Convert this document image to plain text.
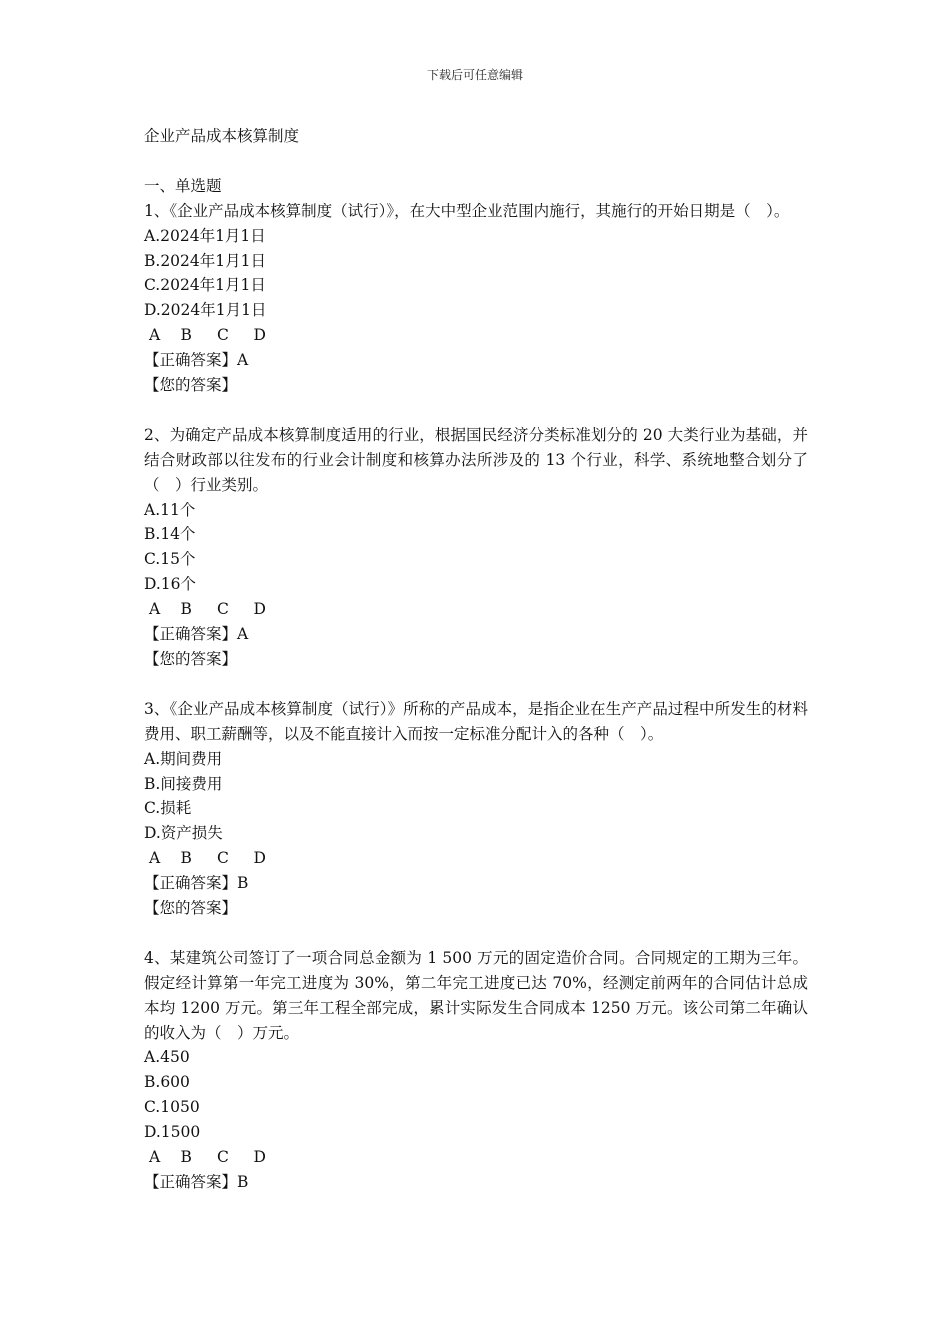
下载后可任意编辑
企业产品成本核算制度
一、单选题
1、《企业产品成本核算制度（试行）》，在大中型企业范围内施行，其施行的开始日期是（　）。
A.2024年1月1日
B.2024年1月1日
C.2024年1月1日
D.2024年1月1日
A B C D
【正确答案】A
【您的答案】
2、为确定产品成本核算制度适用的行业，根据国民经济分类标准划分的 20 大类行业为基础，并结合财政部以往发布的行业会计制度和核算办法所涉及的 13 个行业，科学、系统地整合划分了（　）行业类别。
A.11个
B.14个
C.15个
D.16个
A B C D
【正确答案】A
【您的答案】
3、《企业产品成本核算制度（试行）》所称的产品成本，是指企业在生产产品过程中所发生的材料费用、职工薪酬等，以及不能直接计入而按一定标准分配计入的各种（　）。
A.期间费用
B.间接费用
C.损耗
D.资产损失
A B C D
【正确答案】B
【您的答案】
4、某建筑公司签订了一项合同总金额为 1 500 万元的固定造价合同。合同规定的工期为三年。假定经计算第一年完工进度为 30%，第二年完工进度已达 70%，经测定前两年的合同估计总成本均 1200 万元。第三年工程全部完成，累计实际发生合同成本 1250 万元。该公司第二年确认的收入为（　）万元。
A.450
B.600
C.1050
D.1500
A B C D
【正确答案】B
